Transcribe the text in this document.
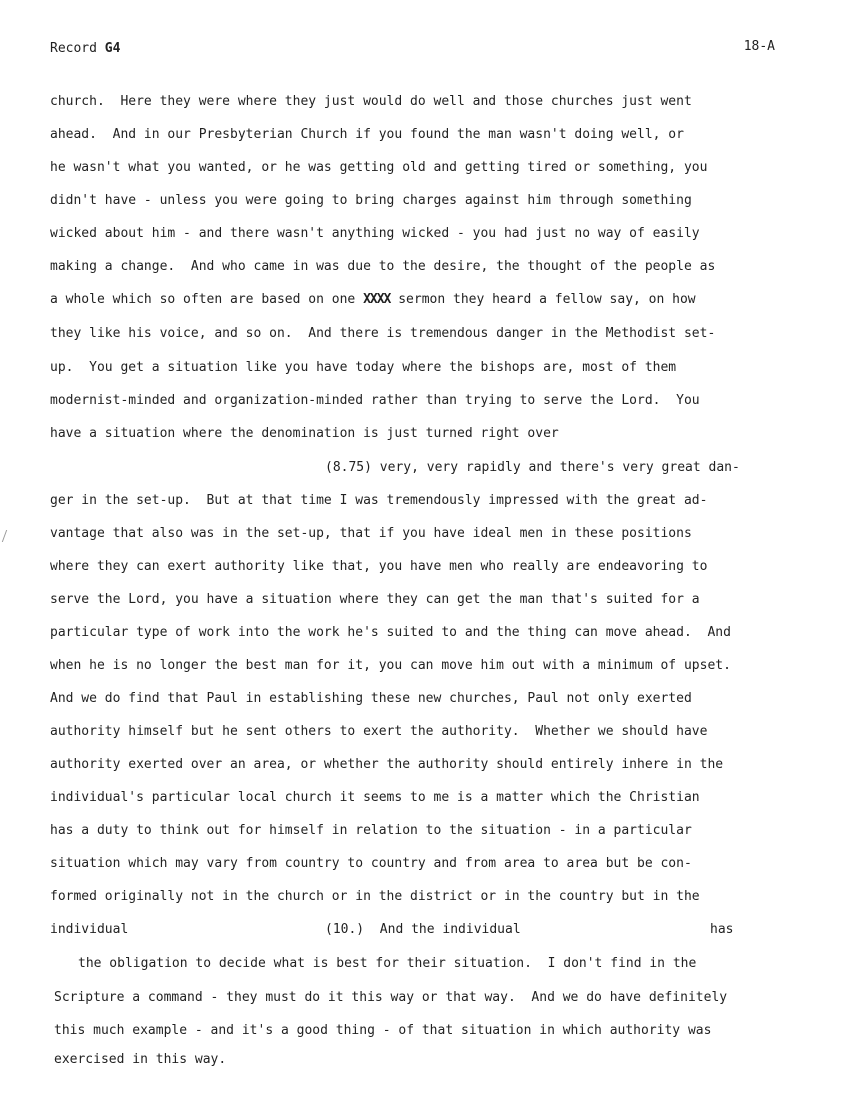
Record G4	18-A
church.  Here they were where they just would do well and those churches just went
ahead.  And in our Presbyterian Church if you found the man wasn't doing well, or
he wasn't what you wanted, or he was getting old and getting tired or something, you
didn't have - unless you were going to bring charges against him through something
wicked about him - and there wasn't anything wicked - you had just no way of easily
making a change.  And who came in was due to the desire, the thought of the people as
a whole which so often are based on one XXXX sermon they heard a fellow say, on how
they like his voice, and so on.  And there is tremendous danger in the Methodist set-
up.  You get a situation like you have today where the bishops are, most of them
modernist-minded and organization-minded rather than trying to serve the Lord.  You
have a situation where the denomination is just turned right over
(8.75) very, very rapidly and there's very great dan-
ger in the set-up.  But at that time I was tremendously impressed with the great ad-
vantage that also was in the set-up, that if you have ideal men in these positions
where they can exert authority like that, you have men who really are endeavoring to
serve the Lord, you have a situation where they can get the man that's suited for a
particular type of work into the work he's suited to and the thing can move ahead.  And
when he is no longer the best man for it, you can move him out with a minimum of upset.
And we do find that Paul in establishing these new churches, Paul not only exerted
authority himself but he sent others to exert the authority.  Whether we should have
authority exerted over an area, or whether the authority should entirely inhere in the
individual's particular local church it seems to me is a matter which the Christian
has a duty to think out for himself in relation to the situation - in a particular
situation which may vary from country to country and from area to area but be con-
formed originally not in the church or in the district or in the country but in the
individual	(10.)  And the individual	has
the obligation to decide what is best for their situation.  I don't find in the
Scripture a command - they must do it this way or that way.  And we do have definitely
this much example - and it's a good thing - of that situation in which authority was
exercised in this way.
